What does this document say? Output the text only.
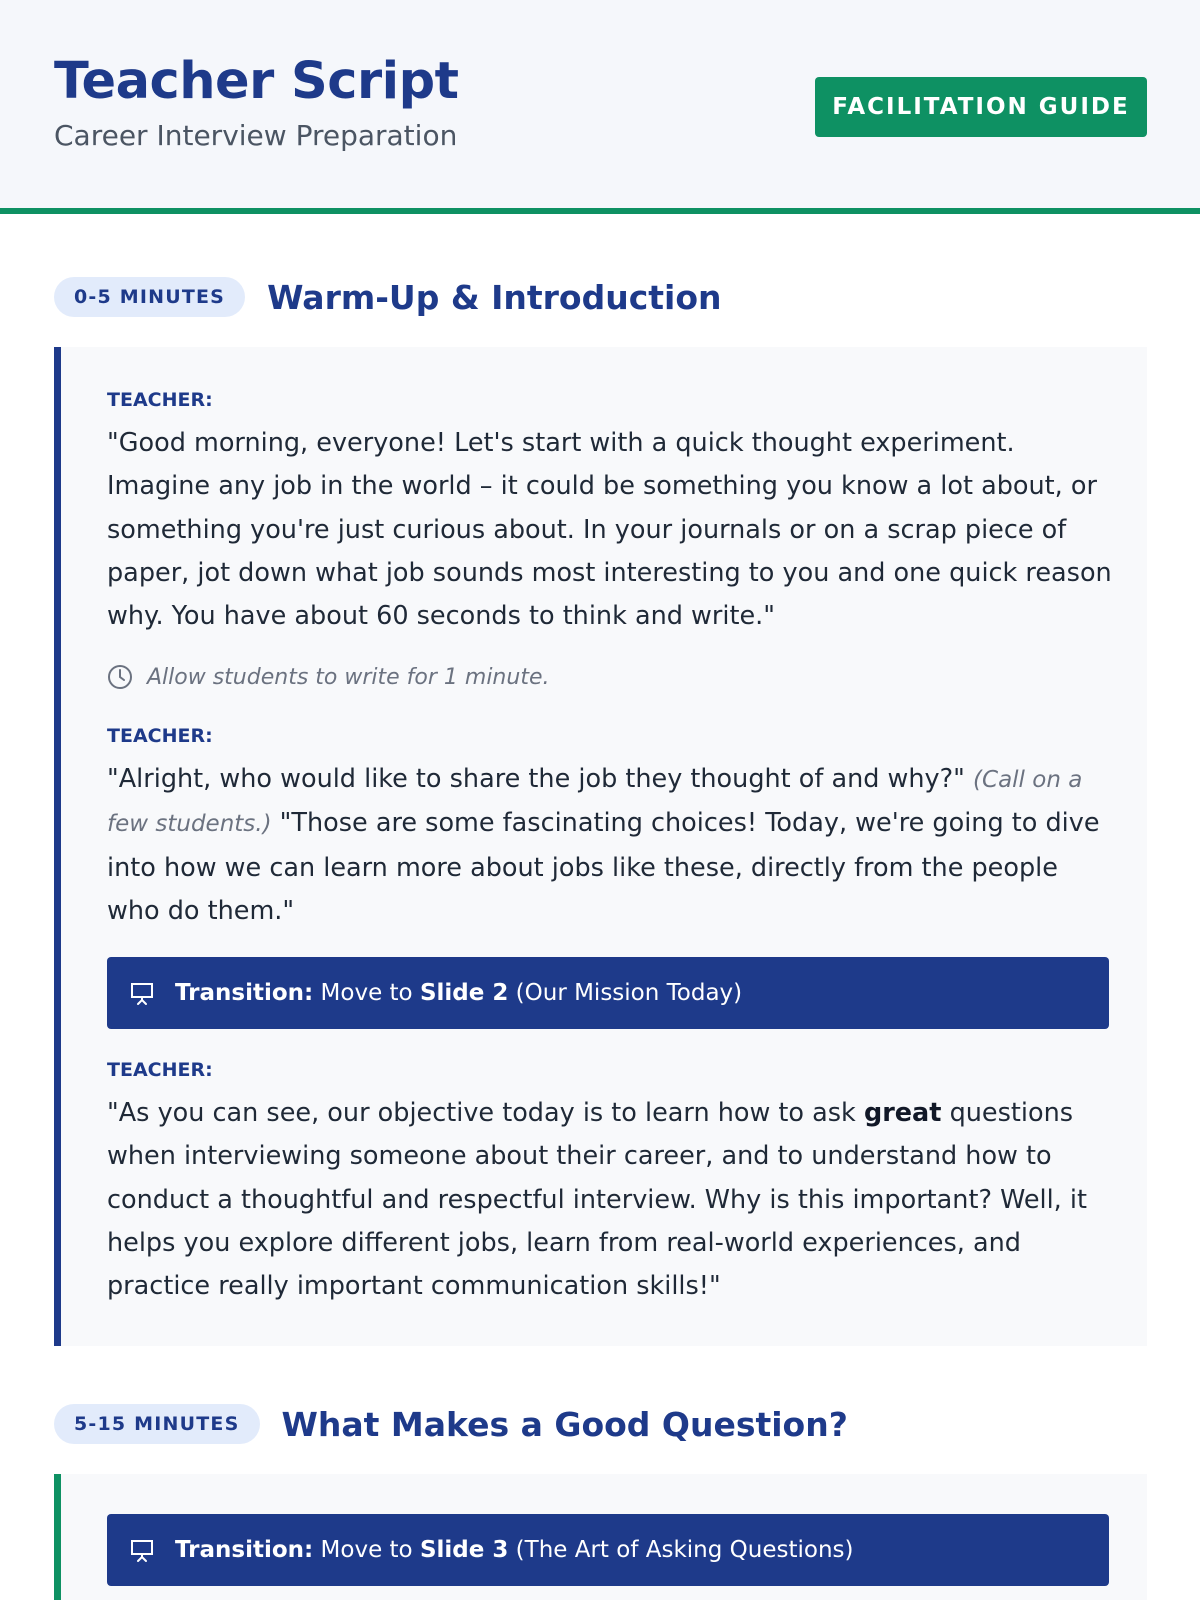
Teacher Script
Career Interview Preparation
FACILITATION GUIDE
0-5 MINUTES	Warm-Up & Introduction
TEACHER:
"Good morning, everyone! Let's start with a quick thought experiment. Imagine any job in the world – it could be something you know a lot about, or something you're just curious about. In your journals or on a scrap piece of paper, jot down what job sounds most interesting to you and one quick reason why. You have about 60 seconds to think and write."
Allow students to write for 1 minute.
TEACHER:
"Alright, who would like to share the job they thought of and why?" (Call on a few students.) "Those are some fascinating choices! Today, we're going to dive into how we can learn more about jobs like these, directly from the people who do them."
Transition:
Move to
Slide 2
(Our Mission Today)
TEACHER:
"As you can see, our objective today is to learn how to ask great questions when interviewing someone about their career, and to understand how to conduct a thoughtful and respectful interview. Why is this important? Well, it helps you explore different jobs, learn from real-world experiences, and practice really important communication skills!"
5-15 MINUTES	What Makes a Good Question?
Transition:
Move to
Slide 3
(The Art of Asking Questions)
